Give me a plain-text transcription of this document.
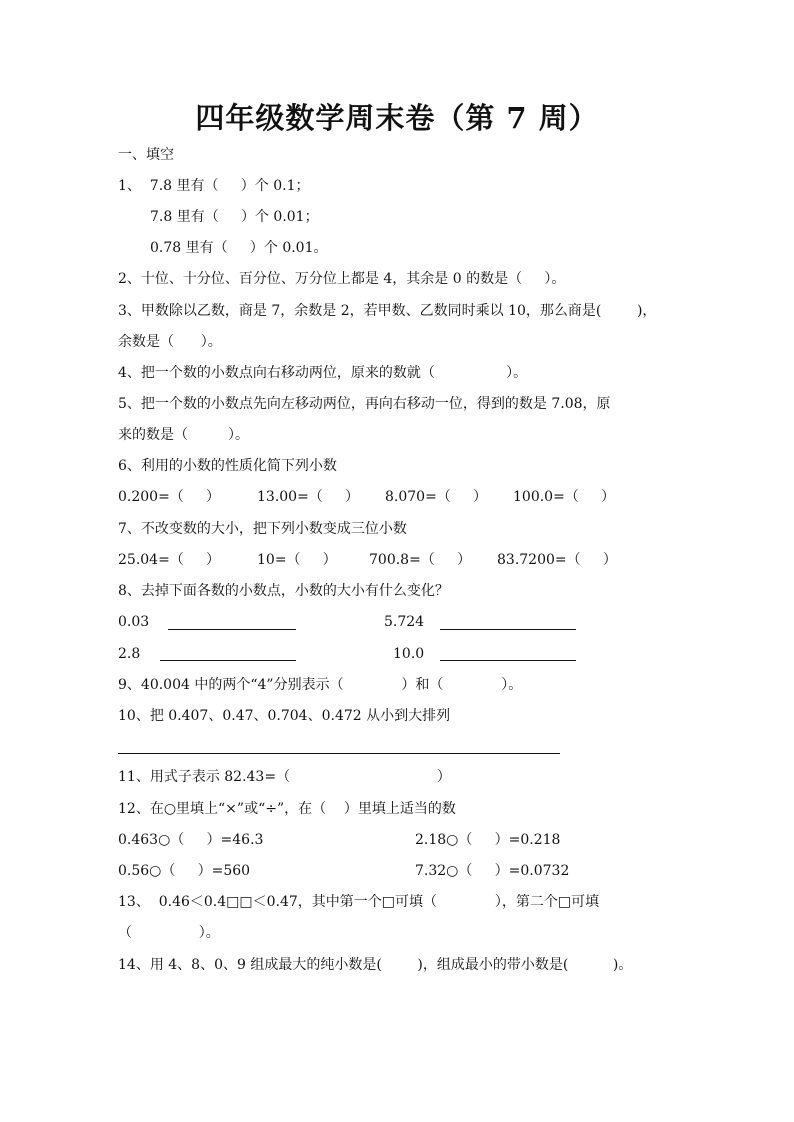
四年级数学周末卷（第 7 周）
一、填空
1、  7.8 里有（     ）个 0.1；
7.8 里有（     ）个 0.01；
0.78 里有（     ）个 0.01。
2、十位、十分位、百分位、万分位上都是 4，其余是 0 的数是（     ）。
3、甲数除以乙数，商是 7，余数是 2，若甲数、乙数同时乘以 10，那么商是(        )，
余数是（      ）。
4、把一个数的小数点向右移动两位，原来的数就（                ）。
5、把一个数的小数点先向左移动两位，再向右移动一位，得到的数是 7.08，原
来的数是（         ）。
6、利用的小数的性质化简下列小数
0.200=（     ）	13.00=（     ） 8.070=（     ） 100.0=（     ）
7、不改变数的大小，把下列小数变成三位小数
25.04=（     ）	10=（     ） 700.8=（     ） 83.7200=（     ）
8、去掉下面各数的小数点，小数的大小有什么变化？
0.03	5.724
2.8	10.0
9、40.004 中的两个“4”分别表示（             ）和（             ）。
10、把 0.407、0.47、0.704、0.472 从小到大排列
11、用式子表示 82.43=（                                 ）
12、在○里填上“×”或“÷”，在（    ）里填上适当的数
0.463○（     ）=46.3	2.18○（     ）=0.218
0.56○（     ）=560	7.32○（     ）=0.0732
13、  0.46＜0.4□□＜0.47，其中第一个□可填（             ），第二个□可填
（               ）。
14、用 4、8、0、9 组成最大的纯小数是(        )，组成最小的带小数是(          )。
